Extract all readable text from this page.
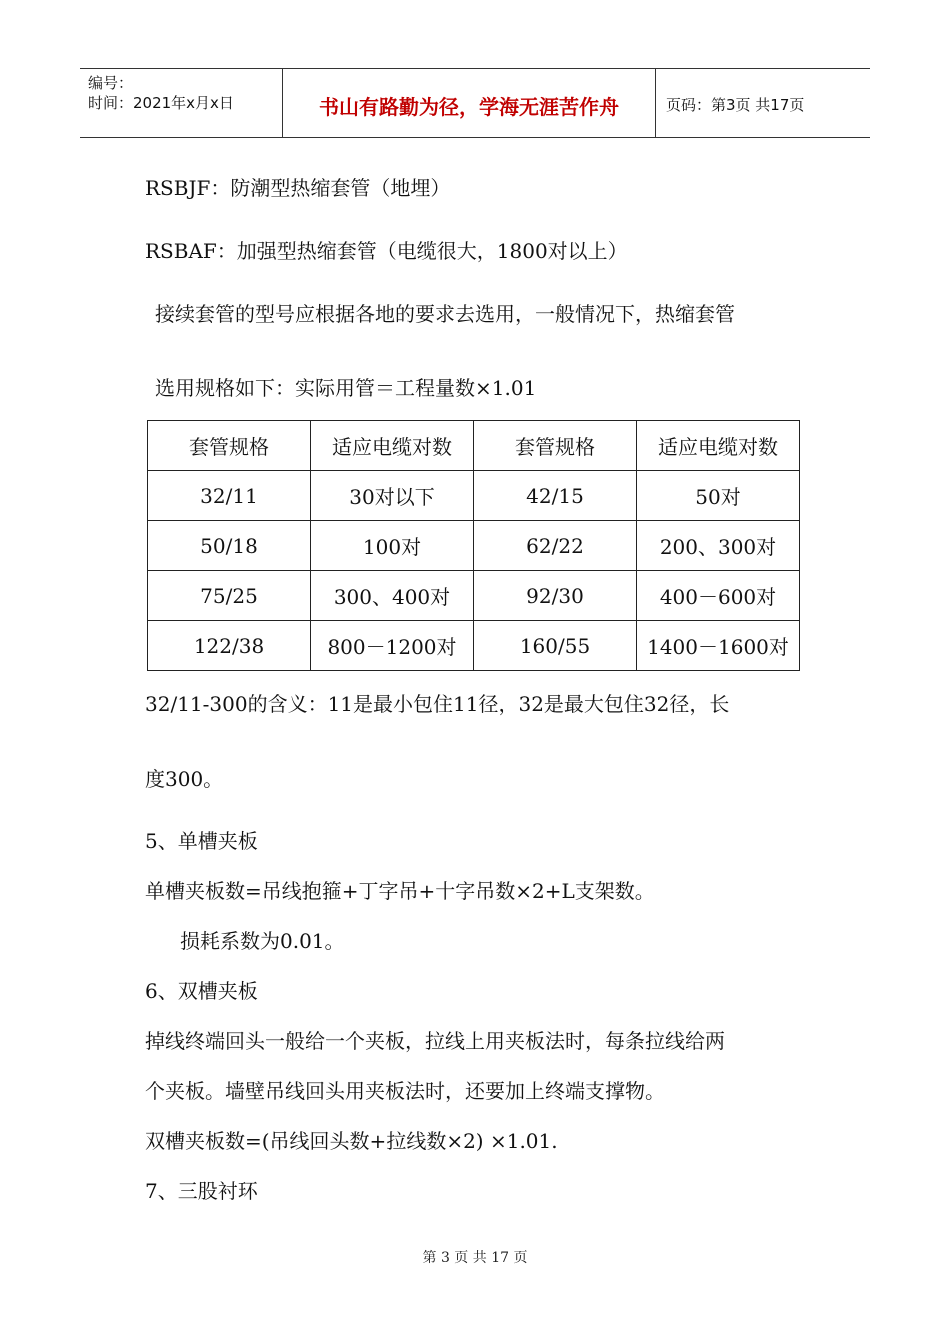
编号：
时间：2021年x月x日	书山有路勤为径，学海无涯苦作舟	页码：第3页 共17页
RSBJF：防潮型热缩套管（地埋）
RSBAF：加强型热缩套管（电缆很大，1800对以上）
接续套管的型号应根据各地的要求去选用，一般情况下，热缩套管
选用规格如下：实际用管＝工程量数×1.01
套管规格	适应电缆对数	套管规格	适应电缆对数
32/11	30对以下	42/15	50对
50/18	100对	62/22	200、300对
75/25	300、400对	92/30	400－600对
122/38	800－1200对	160/55	1400－1600对
32/11-300的含义：11是最小包住11径，32是最大包住32径，长
度300。
5、单槽夹板
单槽夹板数=吊线抱箍+丁字吊+十字吊数×2+L支架数。
损耗系数为0.01。
6、双槽夹板
掉线终端回头一般给一个夹板，拉线上用夹板法时，每条拉线给两
个夹板。墙壁吊线回头用夹板法时，还要加上终端支撑物。
双槽夹板数=(吊线回头数+拉线数×2) ×1.01.
7、三股衬环
第 3 页 共 17 页
